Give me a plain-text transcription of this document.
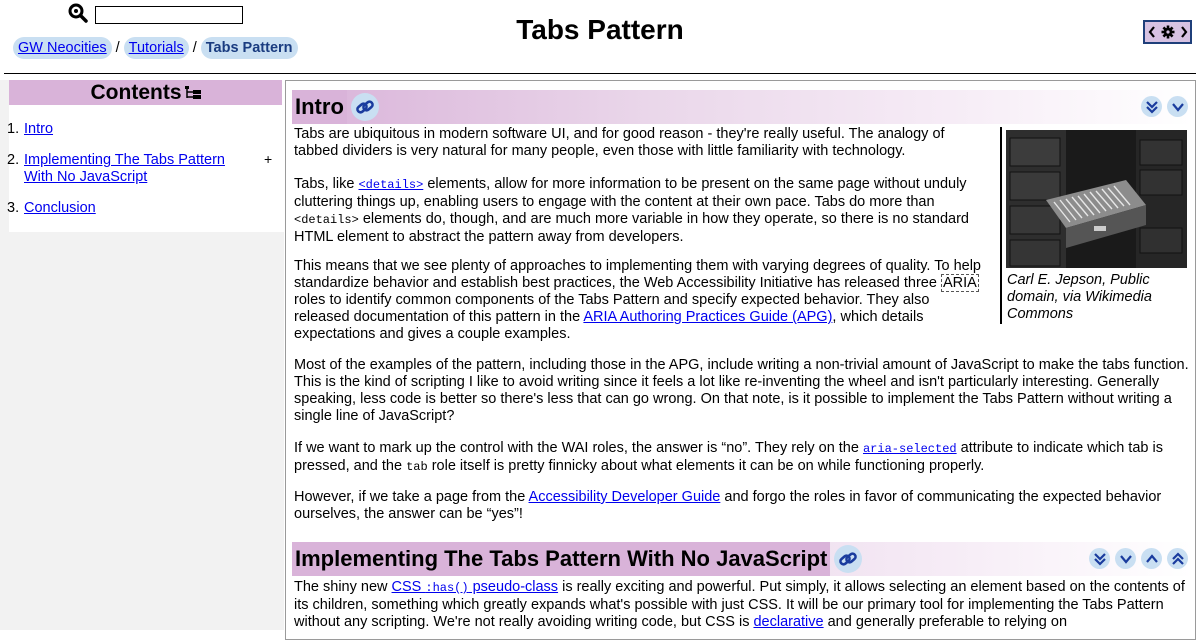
GW Neocities / Tutorials / Tabs Pattern
Tabs Pattern
Contents
1. Intro
2. Implementing The Tabs Pattern
With No JavaScript
3. Conclusion
+
Intro

Tabs are ubiquitous in modern software UI, and for good reason - they're really useful. The analogy of tabbed dividers is very natural for many people, even those with little familiarity with technology.

Tabs, like <details> elements, allow for more information to be present on the same page without unduly cluttering things up, enabling users to engage with the content at their own pace. Tabs do more than <details> elements do, though, and are much more variable in how they operate, so there is no standard HTML element to abstract the pattern away from developers.

This means that we see plenty of approaches to implementing them with varying degrees of quality. To help standardize behavior and establish best practices, the Web Accessibility Initiative has released three ARIA roles to identify common components of the Tabs Pattern and specify expected behavior. They also released documentation of this pattern in the ARIA Authoring Practices Guide (APG), which details expectations and gives a couple examples.

Most of the examples of the pattern, including those in the APG, include writing a non-trivial amount of JavaScript to make the tabs function. This is the kind of scripting I like to avoid writing since it feels a lot like re-inventing the wheel and isn't particularly interesting. Generally speaking, less code is better so there's less that can go wrong. On that note, is it possible to implement the Tabs Pattern without writing a single line of JavaScript?

If we want to mark up the control with the WAI roles, the answer is “no”. They rely on the aria-selected attribute to indicate which tab is pressed, and the tab role itself is pretty finnicky about what elements it can be on while functioning properly.

However, if we take a page from the Accessibility Developer Guide and forgo the roles in favor of communicating the expected behavior ourselves, the answer can be “yes”!

Carl E. Jepson, Public domain, via Wikimedia Commons
Implementing The Tabs Pattern With No JavaScript

The shiny new CSS :has() pseudo-class is really exciting and powerful. Put simply, it allows selecting an element based on the contents of its children, something which greatly expands what's possible with just CSS. It will be our primary tool for implementing the Tabs Pattern without any scripting. We're not really avoiding writing code, but CSS is declarative and generally preferable to relying on
